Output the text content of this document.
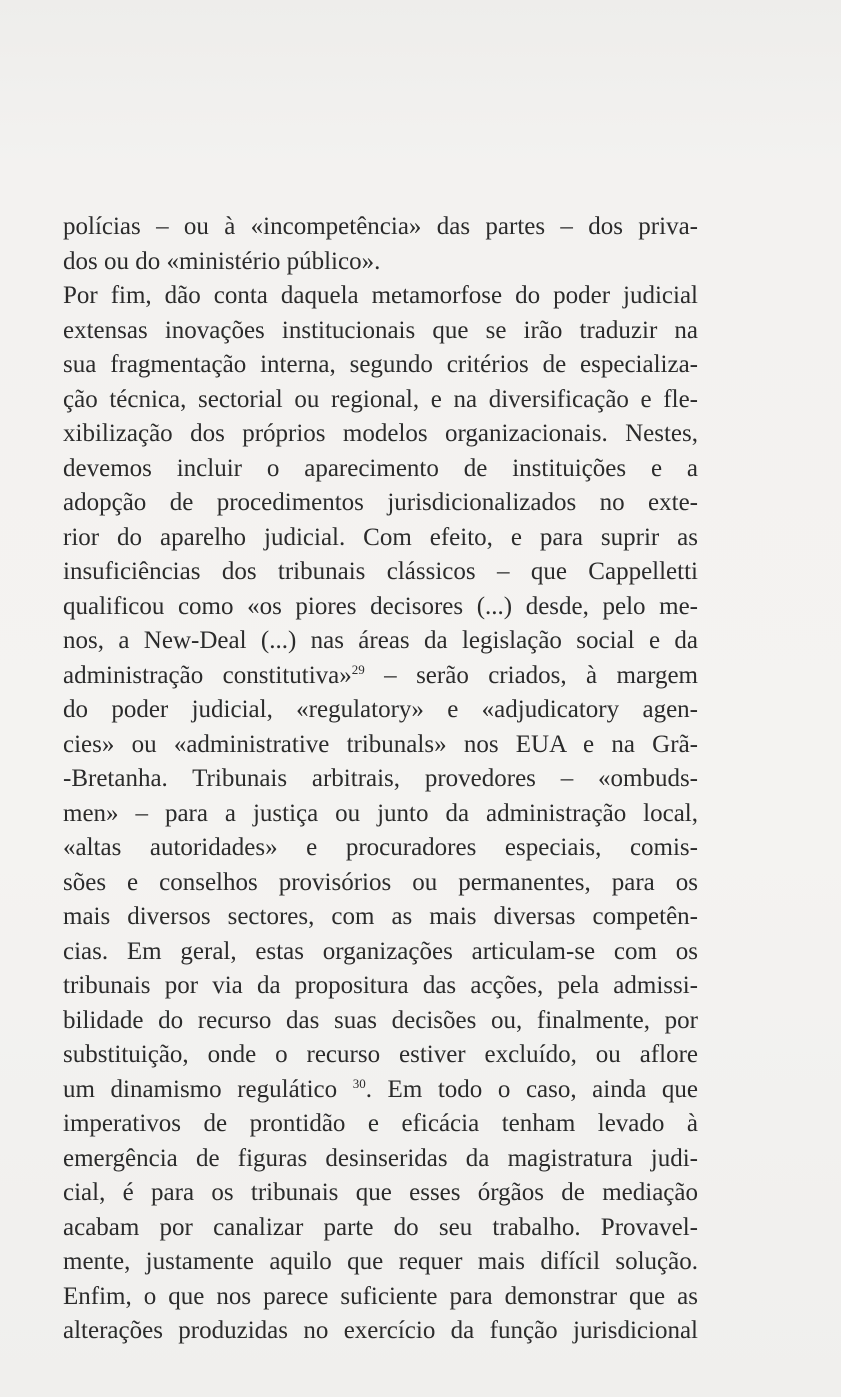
polícias – ou à «incompetência» das partes – dos priva-
dos ou do «ministério público».
Por fim, dão conta daquela metamorfose do poder judicial
extensas inovações institucionais que se irão traduzir na
sua fragmentação interna, segundo critérios de especializa-
ção técnica, sectorial ou regional, e na diversificação e fle-
xibilização dos próprios modelos organizacionais. Nestes,
devemos incluir o aparecimento de instituições e a
adopção de procedimentos jurisdicionalizados no exte-
rior do aparelho judicial. Com efeito, e para suprir as
insuficiências dos tribunais clássicos – que Cappelletti
qualificou como «os piores decisores (...) desde, pelo me-
nos, a New-Deal (...) nas áreas da legislação social e da
administração constitutiva»$^{29}$ – serão criados, à margem
do poder judicial, «regulatory» e «adjudicatory agen-
cies» ou «administrative tribunals» nos EUA e na Grã-
-Bretanha. Tribunais arbitrais, provedores – «ombuds-
men» – para a justiça ou junto da administração local,
«altas autoridades» e procuradores especiais, comis-
sões e conselhos provisórios ou permanentes, para os
mais diversos sectores, com as mais diversas competên-
cias. Em geral, estas organizações articulam-se com os
tribunais por via da propositura das acções, pela admissi-
bilidade do recurso das suas decisões ou, finalmente, por
substituição, onde o recurso estiver excluído, ou aflore
um dinamismo regulático $^{30}$. Em todo o caso, ainda que
imperativos de prontidão e eficácia tenham levado à
emergência de figuras desinseridas da magistratura judi-
cial, é para os tribunais que esses órgãos de mediação
acabam por canalizar parte do seu trabalho. Provavel-
mente, justamente aquilo que requer mais difícil solução.
Enfim, o que nos parece suficiente para demonstrar que as
alterações produzidas no exercício da função jurisdicional
